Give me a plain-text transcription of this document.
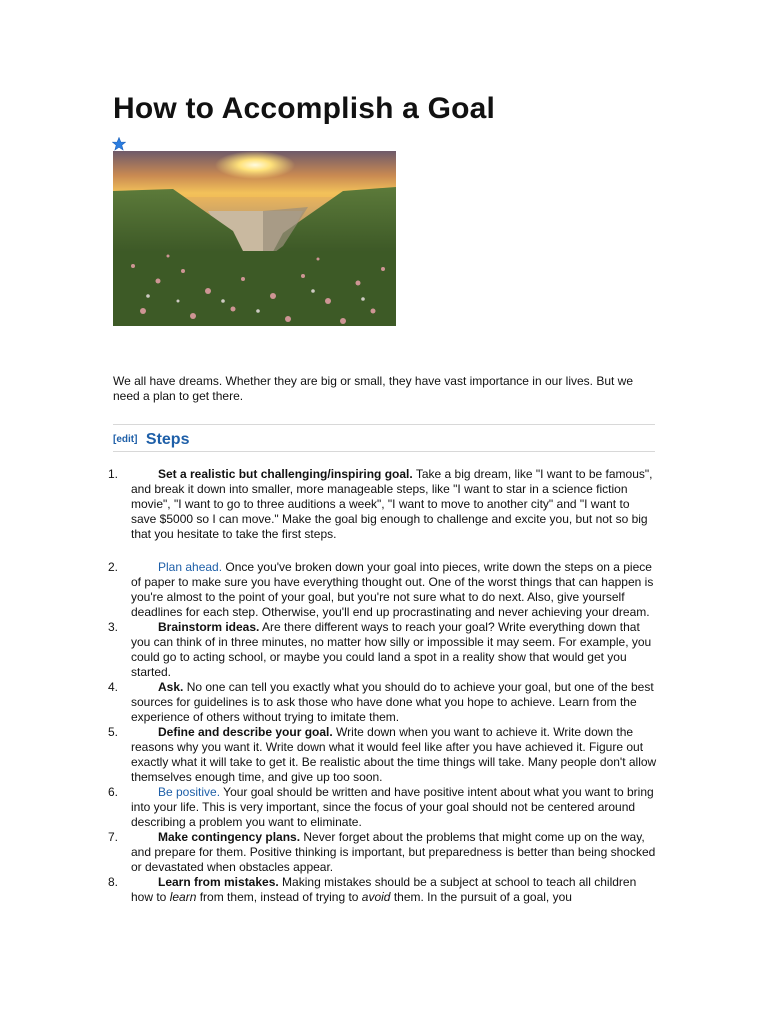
How to Accomplish a Goal

We all have dreams. Whether they are big or small, they have vast importance in our lives. But we need a plan to get there.

[edit] Steps
1.	Set a realistic but challenging/inspiring goal. Take a big dream, like "I want to be famous", and break it down into smaller, more manageable steps, like "I want to star in a science fiction movie", "I want to go to three auditions a week", "I want to move to another city" and "I want to save $5000 so I can move." Make the goal big enough to challenge and excite you, but not so big that you hesitate to take the first steps.

2.	Plan ahead. Once you've broken down your goal into pieces, write down the steps on a piece of paper to make sure you have everything thought out. One of the worst things that can happen is you're almost to the point of your goal, but you're not sure what to do next. Also, give yourself deadlines for each step. Otherwise, you'll end up procrastinating and never achieving your dream.

3.	Brainstorm ideas. Are there different ways to reach your goal? Write everything down that you can think of in three minutes, no matter how silly or impossible it may seem. For example, you could go to acting school, or maybe you could land a spot in a reality show that would get you started.

4.	Ask. No one can tell you exactly what you should do to achieve your goal, but one of the best sources for guidelines is to ask those who have done what you hope to achieve. Learn from the experience of others without trying to imitate them.

5.	Define and describe your goal. Write down when you want to achieve it. Write down the reasons why you want it. Write down what it would feel like after you have achieved it. Figure out exactly what it will take to get it. Be realistic about the time things will take. Many people don't allow themselves enough time, and give up too soon.

6.	Be positive. Your goal should be written and have positive intent about what you want to bring into your life. This is very important, since the focus of your goal should not be centered around describing a problem you want to eliminate.

7.	Make contingency plans. Never forget about the problems that might come up on the way, and prepare for them. Positive thinking is important, but preparedness is better than being shocked or devastated when obstacles appear.

8.	Learn from mistakes. Making mistakes should be a subject at school to teach all children how to learn from them, instead of trying to avoid them. In the pursuit of a goal, you
